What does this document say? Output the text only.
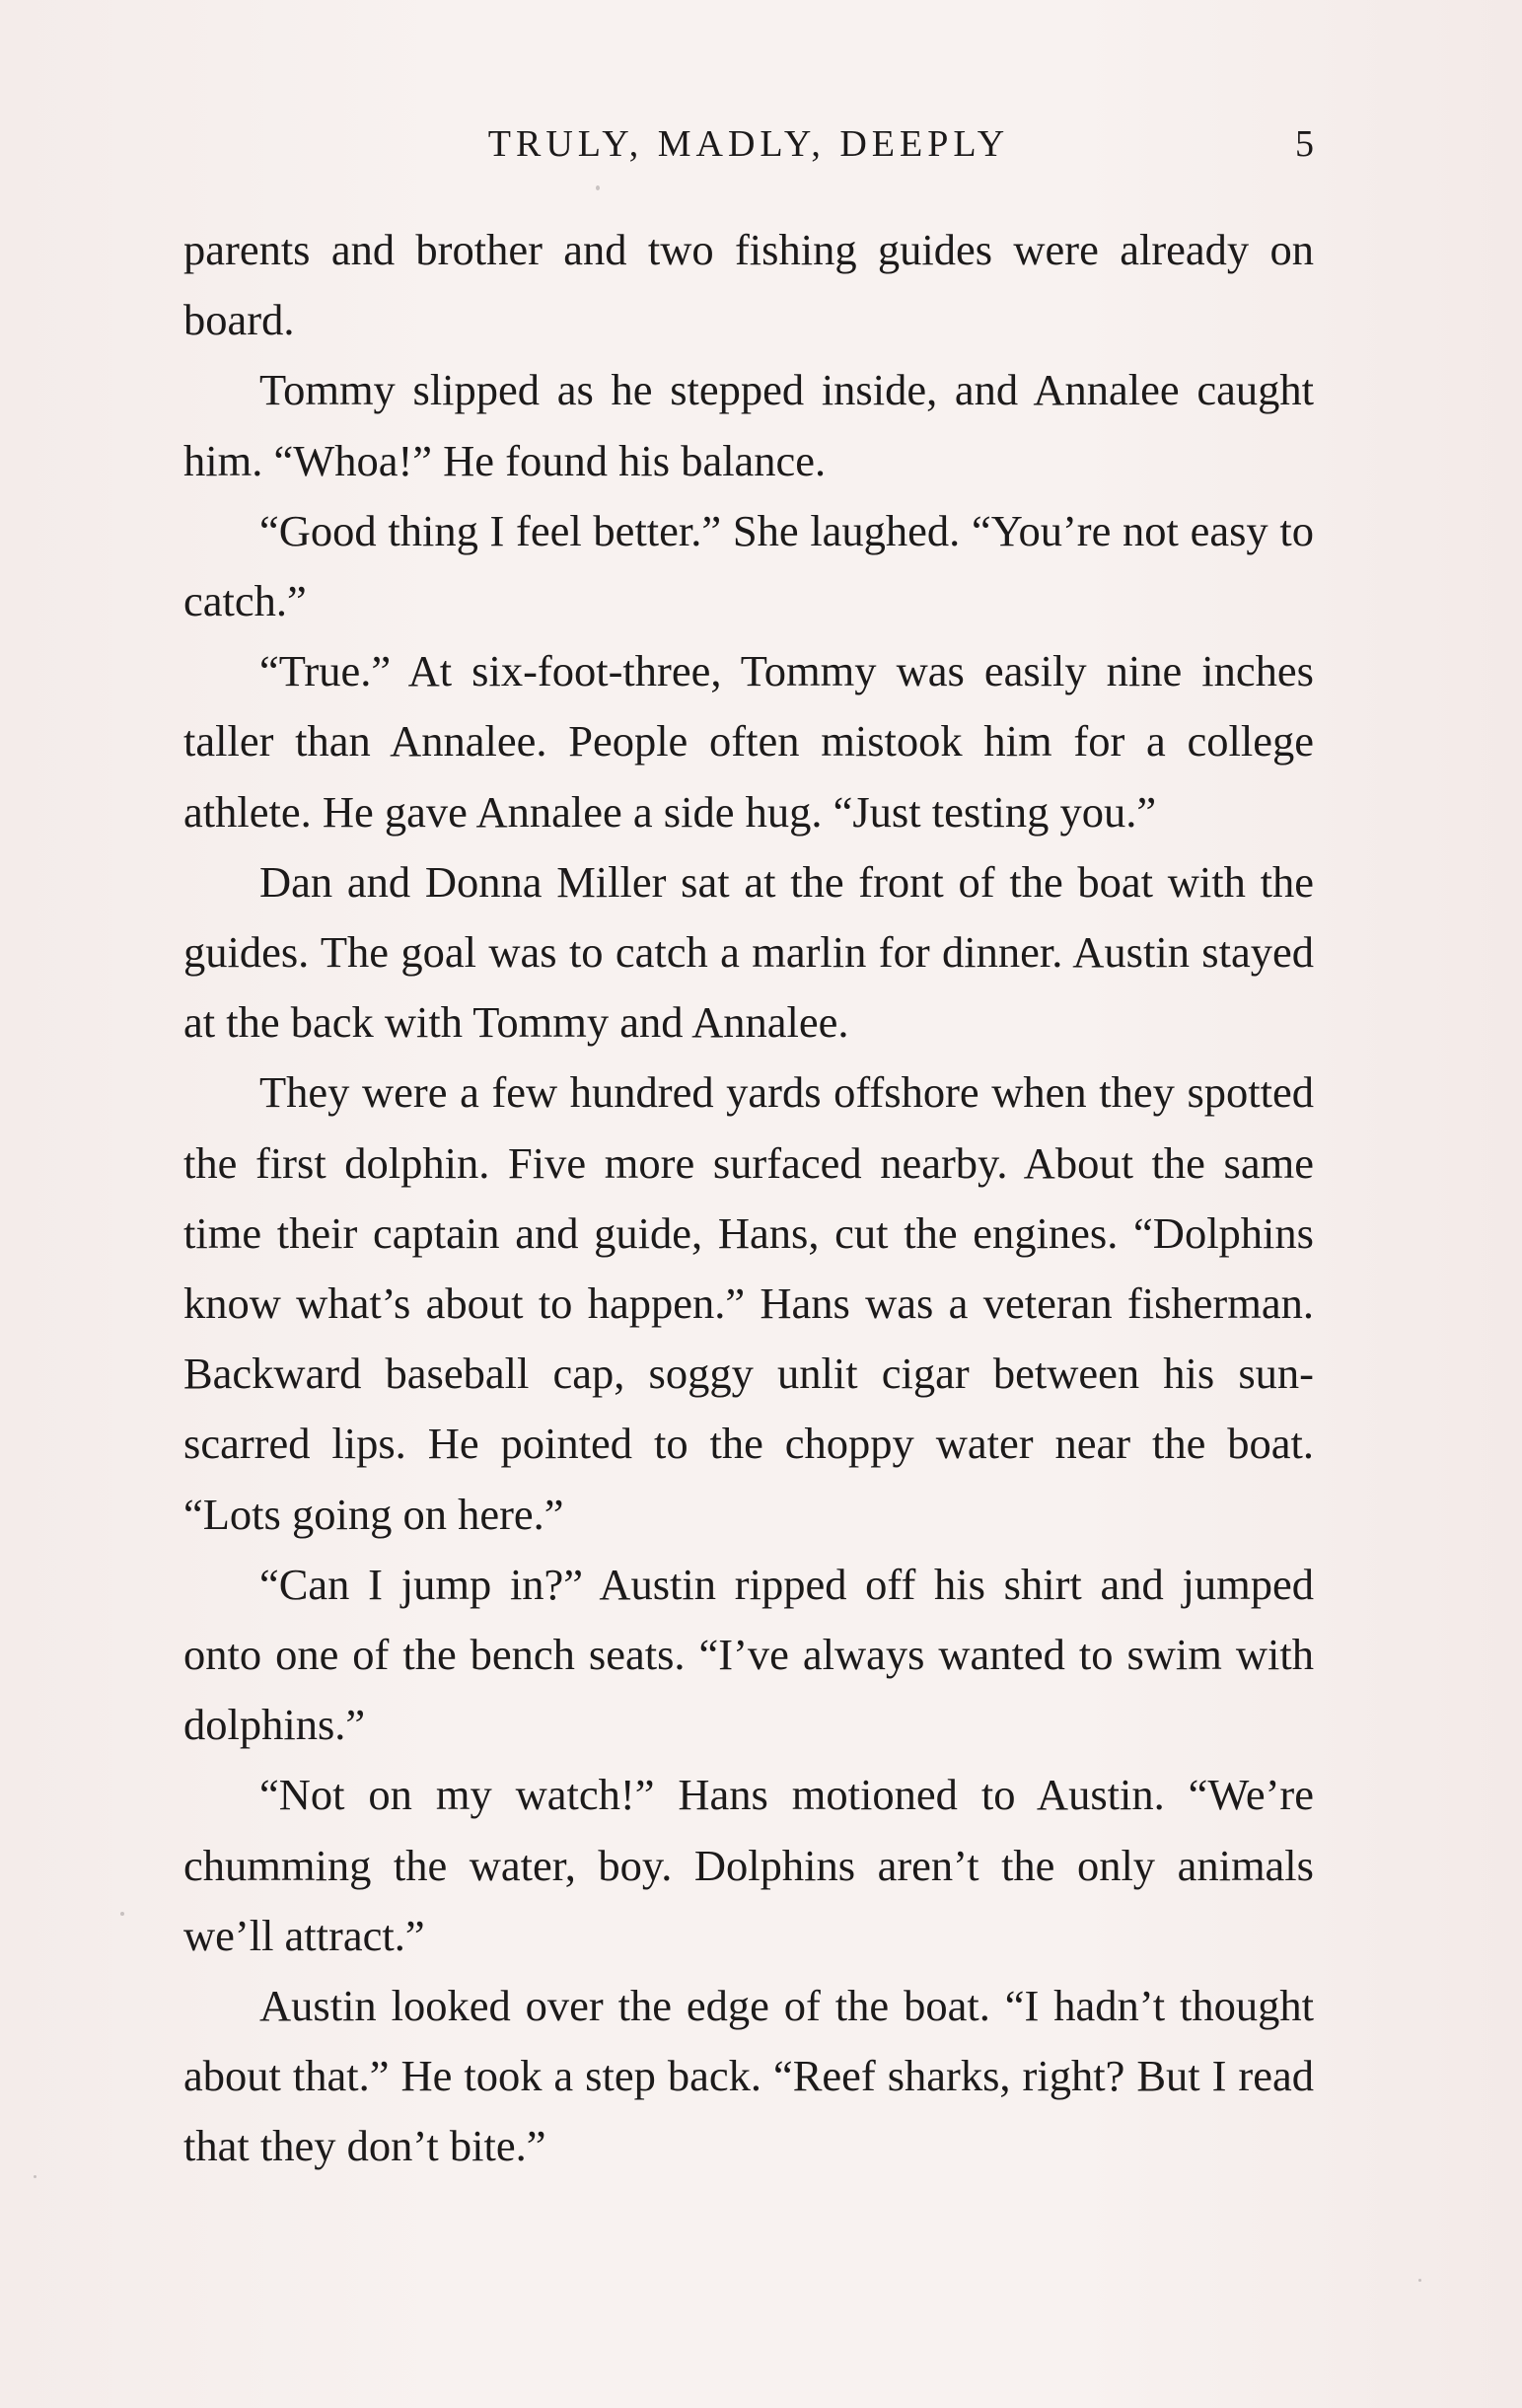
TRULY, MADLY, DEEPLY	5

parents and brother and two fishing guides were already on board.

Tommy slipped as he stepped inside, and Annalee caught him. “Whoa!” He found his balance.

“Good thing I feel better.” She laughed. “You’re not easy to catch.”

“True.” At six-foot-three, Tommy was easily nine inches taller than Annalee. People often mistook him for a college athlete. He gave Annalee a side hug. “Just testing you.”

Dan and Donna Miller sat at the front of the boat with the guides. The goal was to catch a marlin for dinner. Austin stayed at the back with Tommy and Annalee.

They were a few hundred yards offshore when they spotted the first dolphin. Five more surfaced nearby. About the same time their captain and guide, Hans, cut the engines. “Dolphins know what’s about to happen.” Hans was a veteran fisherman. Backward baseball cap, soggy unlit cigar between his sun-scarred lips. He pointed to the choppy water near the boat. “Lots going on here.”

“Can I jump in?” Austin ripped off his shirt and jumped onto one of the bench seats. “I’ve always wanted to swim with dolphins.”

“Not on my watch!” Hans motioned to Austin. “We’re chumming the water, boy. Dolphins aren’t the only animals we’ll attract.”

Austin looked over the edge of the boat. “I hadn’t thought about that.” He took a step back. “Reef sharks, right? But I read that they don’t bite.”
